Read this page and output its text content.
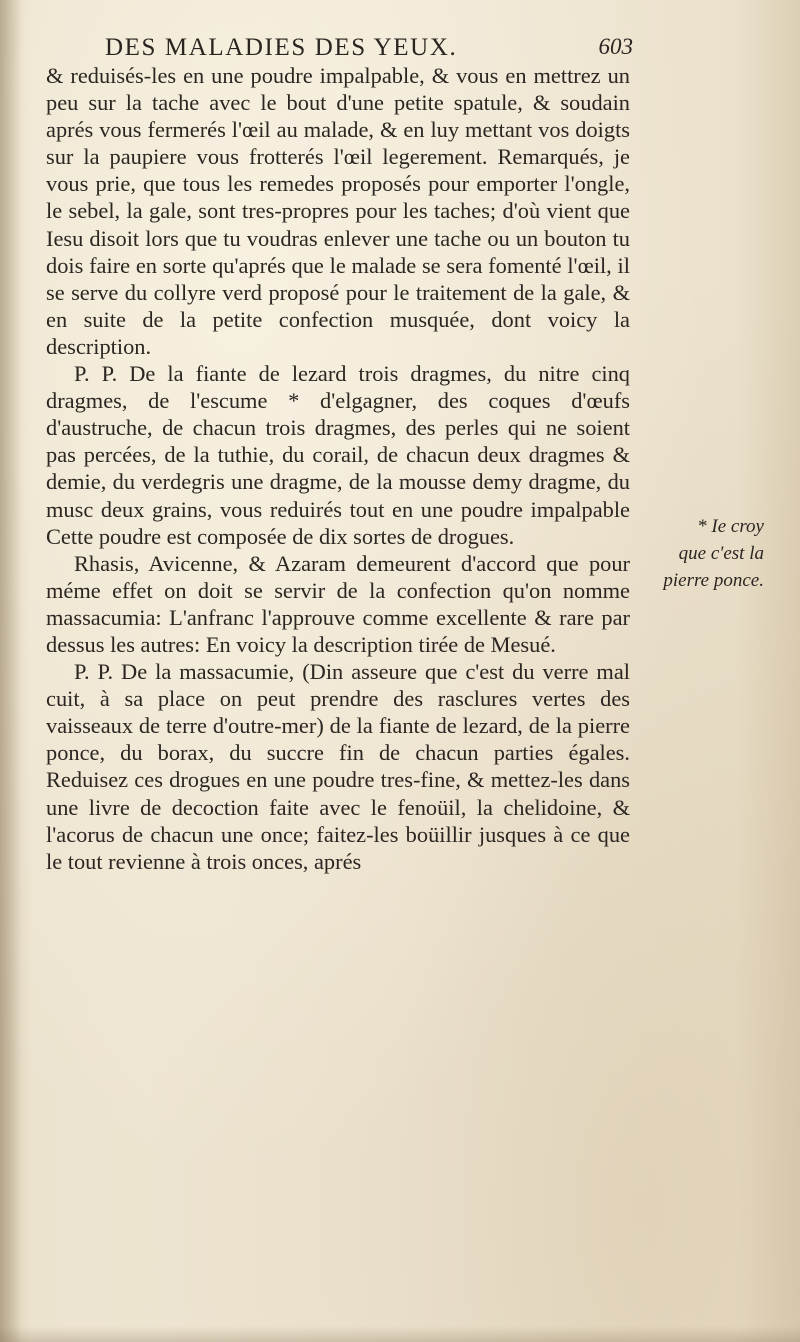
DES MALADIES DES YEUX.	603

& reduisés-les en une poudre impalpable, & vous en mettrez un peu sur la tache avec le bout d'une petite spatule, & soudain aprés vous fermerés l'œil au malade, & en luy mettant vos doigts sur la paupiere vous frotterés l'œil legerement. Remarqués, je vous prie, que tous les remedes proposés pour emporter l'ongle, le sebel, la gale, sont tres-propres pour les taches; d'où vient que Iesu disoit lors que tu voudras enlever une tache ou un bouton tu dois faire en sorte qu'aprés que le malade se sera fomenté l'œil, il se serve du collyre verd proposé pour le traitement de la gale, & en suite de la petite confection musquée, dont voicy la description.

P. P. De la fiante de lezard trois dragmes, du nitre cinq dragmes, de l'escume * d'elgagner, des coques d'œufs d'austruche, de chacun trois dragmes, des perles qui ne soient pas percées, de la tuthie, du corail, de chacun deux dragmes & demie, du verdegris une dragme, de la mousse demy dragme, du musc deux grains, vous reduirés tout en une poudre impalpable Cette poudre est composée de dix sortes de drogues.

Rhasis, Avicenne, & Azaram demeurent d'accord que pour méme effet on doit se servir de la confection qu'on nomme massacumia: L'anfranc l'approuve comme excellente & rare par dessus les autres: En voicy la description tirée de Mesué.

P. P. De la massacumie, (Din asseure que c'est du verre mal cuit, à sa place on peut prendre des rasclures vertes des vaisseaux de terre d'outre-mer) de la fiante de lezard, de la pierre ponce, du borax, du succre fin de chacun parties égales. Reduisez ces drogues en une poudre tres-fine, & mettez-les dans une livre de decoction faite avec le fenoüil, la chelidoine, & l'acorus de chacun une once; faitez-les boüillir jusques à ce que le tout revienne à trois onces, aprés

* Ie croy
que c'est la
pierre ponce.
